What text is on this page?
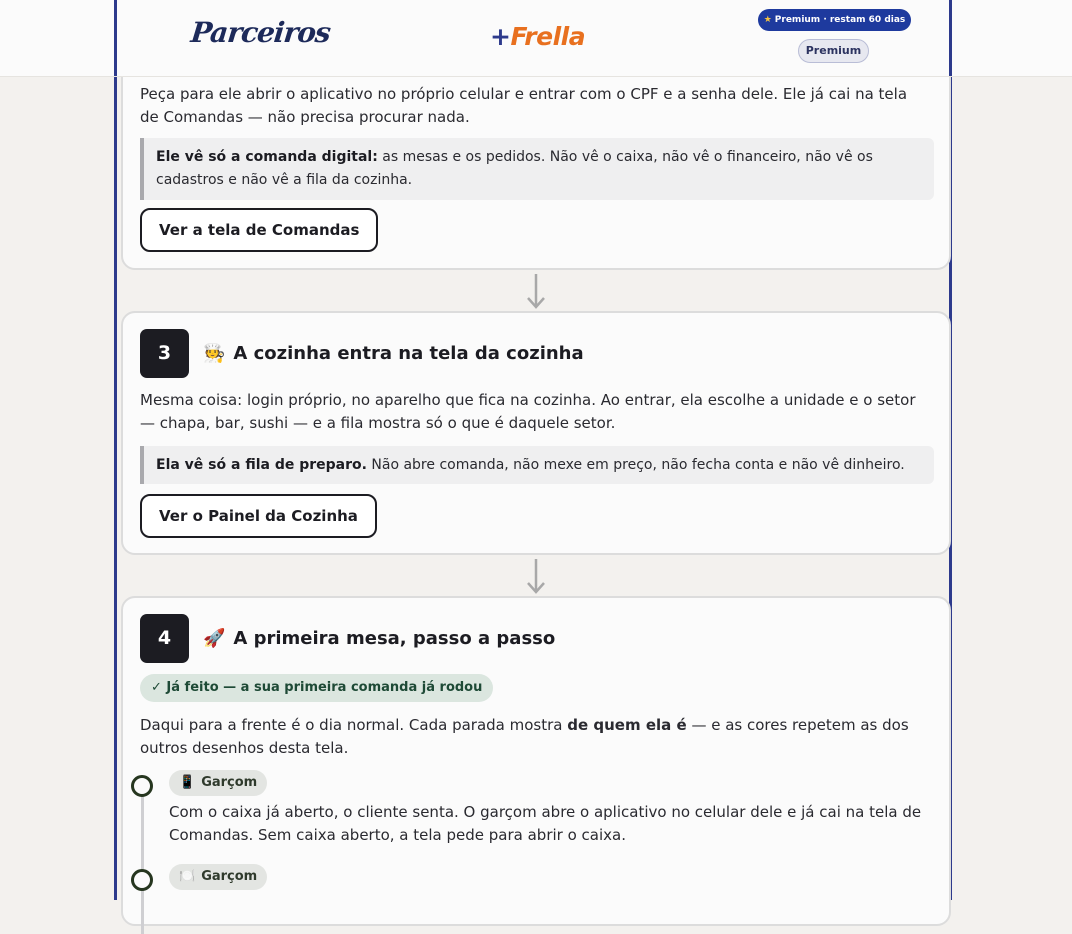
Parceiros	+Frella
★ Premium · restam 60 dias
Premium

Peça para ele abrir o aplicativo no próprio celular e entrar com o CPF e a senha dele. Ele já cai na tela de Comandas — não precisa procurar nada.

Ele vê só a comanda digital: as mesas e os pedidos. Não vê o caixa, não vê o financeiro, não vê os cadastros e não vê a fila da cozinha.
Ver a tela de Comandas
3	🧑‍🍳 A cozinha entra na tela da cozinha

Mesma coisa: login próprio, no aparelho que fica na cozinha. Ao entrar, ela escolhe a unidade e o setor — chapa, bar, sushi — e a fila mostra só o que é daquele setor.

Ela vê só a fila de preparo. Não abre comanda, não mexe em preço, não fecha conta e não vê dinheiro.
Ver o Painel da Cozinha
4	🚀 A primeira mesa, passo a passo
✓ Já feito — a sua primeira comanda já rodou

Daqui para a frente é o dia normal. Cada parada mostra de quem ela é — e as cores repetem as dos outros desenhos desta tela.

📱 Garçom

Com o caixa já aberto, o cliente senta. O garçom abre o aplicativo no celular dele e já cai na tela de Comandas. Sem caixa aberto, a tela pede para abrir o caixa.

🍽️ Garçom
